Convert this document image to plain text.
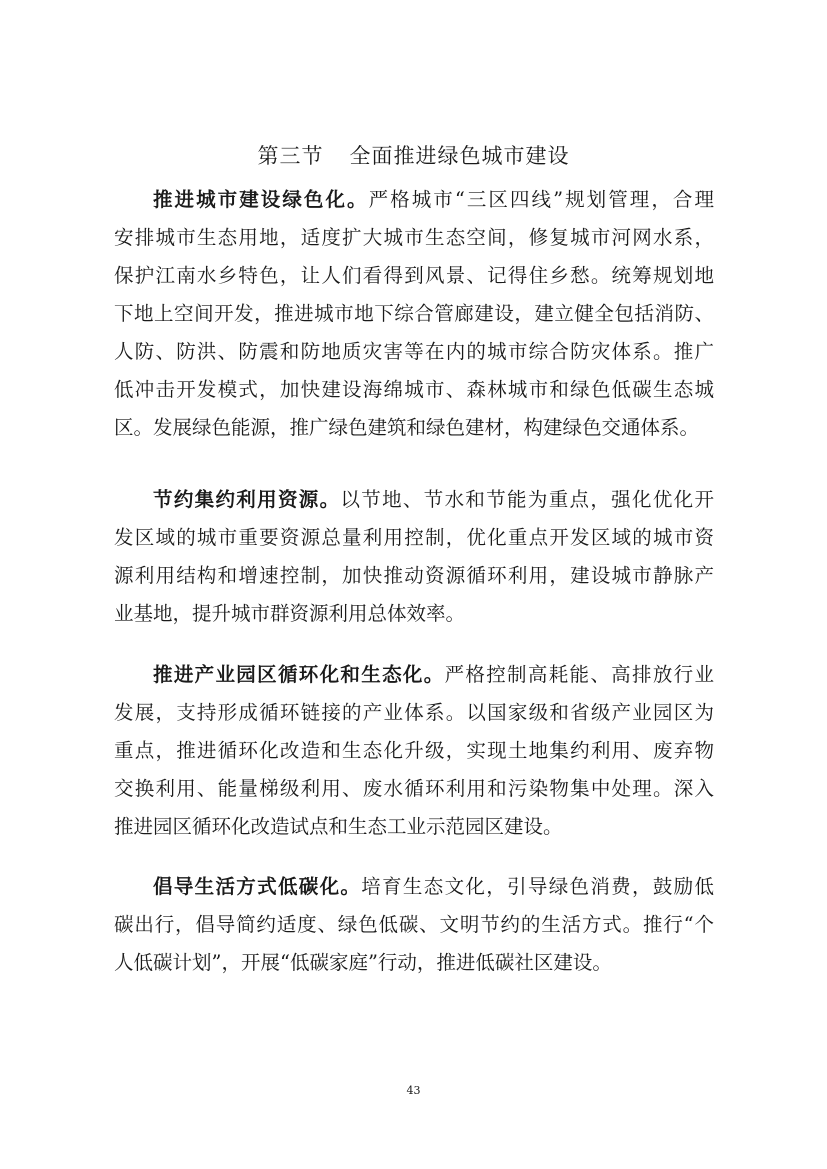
第三节 全面推进绿色城市建设
推进城市建设绿色化。严格城市“三区四线”规划管理，合理
安排城市生态用地，适度扩大城市生态空间，修复城市河网水系，
保护江南水乡特色，让人们看得到风景、记得住乡愁。统筹规划地
下地上空间开发，推进城市地下综合管廊建设，建立健全包括消防、
人防、防洪、防震和防地质灾害等在内的城市综合防灾体系。推广
低冲击开发模式，加快建设海绵城市、森林城市和绿色低碳生态城
区。发展绿色能源，推广绿色建筑和绿色建材，构建绿色交通体系。
节约集约利用资源。以节地、节水和节能为重点，强化优化开
发区域的城市重要资源总量利用控制，优化重点开发区域的城市资
源利用结构和增速控制，加快推动资源循环利用，建设城市静脉产
业基地，提升城市群资源利用总体效率。
推进产业园区循环化和生态化。严格控制高耗能、高排放行业
发展，支持形成循环链接的产业体系。以国家级和省级产业园区为
重点，推进循环化改造和生态化升级，实现土地集约利用、废弃物
交换利用、能量梯级利用、废水循环利用和污染物集中处理。深入
推进园区循环化改造试点和生态工业示范园区建设。
倡导生活方式低碳化。培育生态文化，引导绿色消费，鼓励低
碳出行，倡导简约适度、绿色低碳、文明节约的生活方式。推行“个
人低碳计划”，开展“低碳家庭”行动，推进低碳社区建设。
43
